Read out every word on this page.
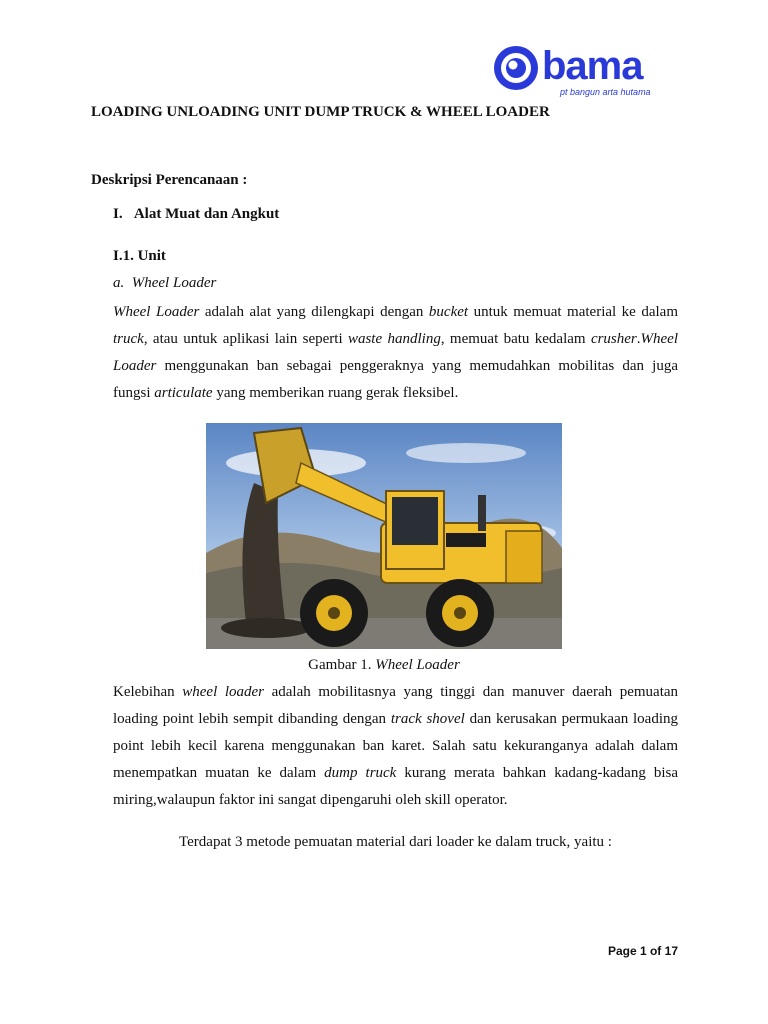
bama
pt bangun arta hutama
LOADING UNLOADING UNIT DUMP TRUCK & WHEEL LOADER
Deskripsi Perencanaan :
I. Alat Muat dan Angkut
I.1. Unit
a. Wheel Loader
Wheel Loader adalah alat yang dilengkapi dengan bucket untuk memuat material ke dalam truck, atau untuk aplikasi lain seperti waste handling, memuat batu kedalam crusher.Wheel Loader menggunakan ban sebagai penggeraknya yang memudahkan mobilitas dan juga fungsi articulate yang memberikan ruang gerak fleksibel.
Gambar 1. Wheel Loader
Kelebihan wheel loader adalah mobilitasnya yang tinggi dan manuver daerah pemuatan loading point lebih sempit dibanding dengan track shovel dan kerusakan permukaan loading point lebih kecil karena menggunakan ban karet. Salah satu kekuranganya adalah dalam menempatkan muatan ke dalam dump truck kurang merata bahkan kadang-kadang bisa miring,walaupun faktor ini sangat dipengaruhi oleh skill operator.
Terdapat 3 metode pemuatan material dari loader ke dalam truck, yaitu :
Page 1 of 17
